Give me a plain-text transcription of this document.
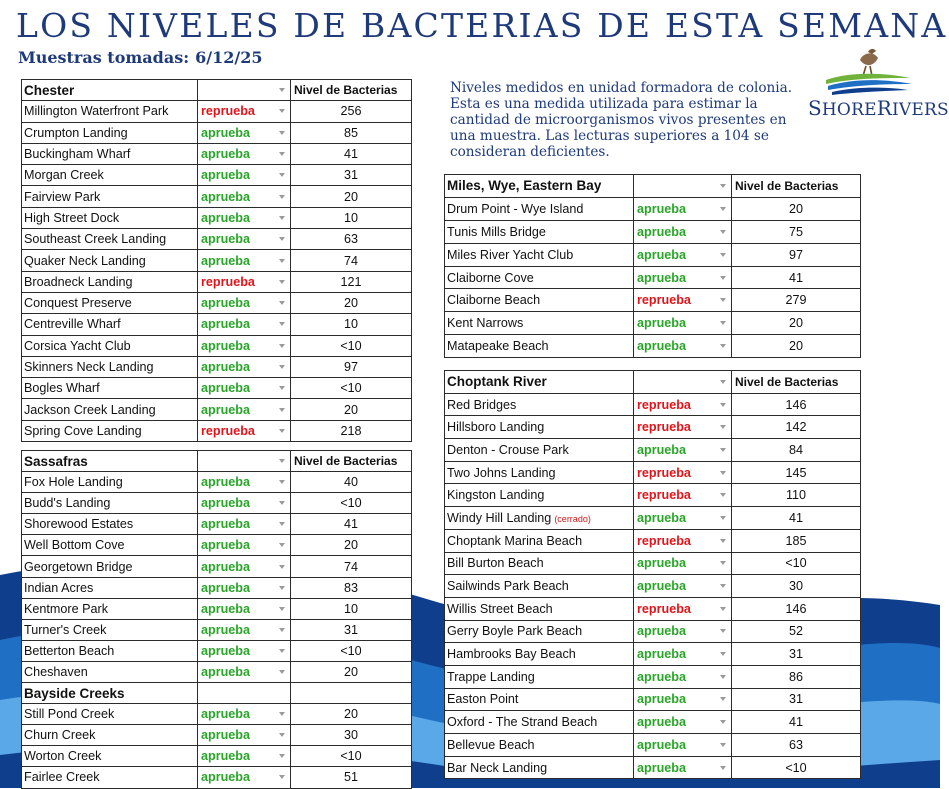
LOS NIVELES DE BACTERIAS DE ESTA SEMANA
Muestras tomadas: 6/12/25
Niveles medidos en unidad formadora de colonia. Esta es una medida utilizada para estimar la cantidad de microorganismos vivos presentes en una muestra. Las lecturas superiores a 104 se consideran deficientes.
SHORERIVERS
Chester		Nivel de Bacterias
Millington Waterfront Park	reprueba	256
Crumpton Landing	aprueba	85
Buckingham Wharf	aprueba	41
Morgan Creek	aprueba	31
Fairview Park	aprueba	20
High Street Dock	aprueba	10
Southeast Creek Landing	aprueba	63
Quaker Neck Landing	aprueba	74
Broadneck Landing	reprueba	121
Conquest Preserve	aprueba	20
Centreville Wharf	aprueba	10
Corsica Yacht Club	aprueba	<10
Skinners Neck Landing	aprueba	97
Bogles Wharf	aprueba	<10
Jackson Creek Landing	aprueba	20
Spring Cove Landing	reprueba	218
Sassafras		Nivel de Bacterias
Fox Hole Landing	aprueba	40
Budd's Landing	aprueba	<10
Shorewood Estates	aprueba	41
Well Bottom Cove	aprueba	20
Georgetown Bridge	aprueba	74
Indian Acres	aprueba	83
Kentmore Park	aprueba	10
Turner's Creek	aprueba	31
Betterton Beach	aprueba	<10
Cheshaven	aprueba	20
Bayside Creeks		
Still Pond Creek	aprueba	20
Churn Creek	aprueba	30
Worton Creek	aprueba	<10
Fairlee Creek	aprueba	51
Miles, Wye, Eastern Bay		Nivel de Bacterias
Drum Point - Wye Island	aprueba	20
Tunis Mills Bridge	aprueba	75
Miles River Yacht Club	aprueba	97
Claiborne Cove	aprueba	41
Claiborne Beach	reprueba	279
Kent Narrows	aprueba	20
Matapeake Beach	aprueba	20
Choptank River		Nivel de Bacterias
Red Bridges	reprueba	146
Hillsboro Landing	reprueba	142
Denton - Crouse Park	aprueba	84
Two Johns Landing	reprueba	145
Kingston Landing	reprueba	110
Windy Hill Landing (cerrado)	aprueba	41
Choptank Marina Beach	reprueba	185
Bill Burton Beach	aprueba	<10
Sailwinds Park Beach	aprueba	30
Willis Street Beach	reprueba	146
Gerry Boyle Park Beach	aprueba	52
Hambrooks Bay Beach	aprueba	31
Trappe Landing	aprueba	86
Easton Point	aprueba	31
Oxford - The Strand Beach	aprueba	41
Bellevue Beach	aprueba	63
Bar Neck Landing	aprueba	<10
